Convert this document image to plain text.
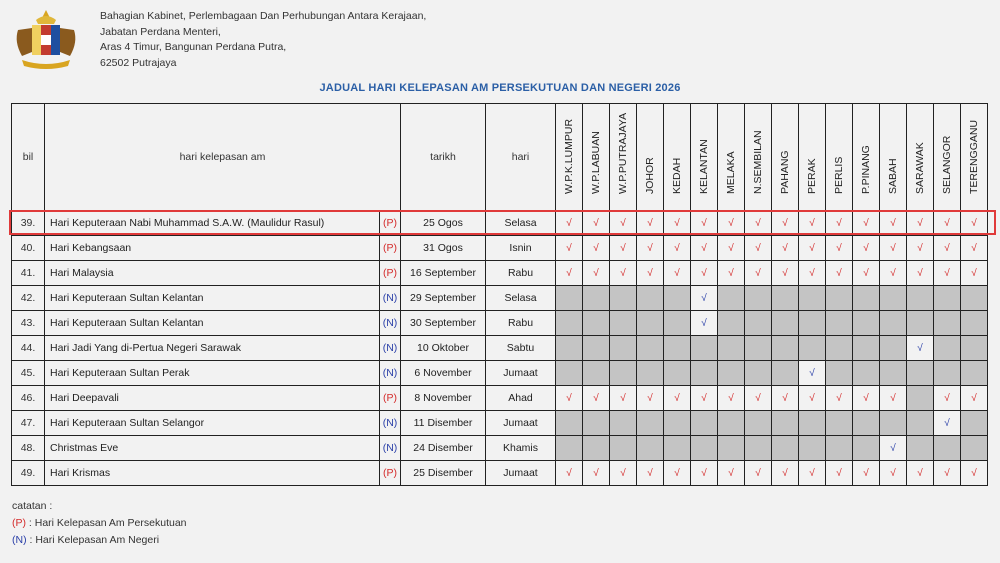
Bahagian Kabinet, Perlembagaan Dan Perhubungan Antara Kerajaan,
Jabatan Perdana Menteri,
Aras 4 Timur, Bangunan Perdana Putra,
62502 Putrajaya
JADUAL HARI KELEPASAN AM PERSEKUTUAN DAN NEGERI 2026
bil	hari kelepasan am		tarikh	hari	W.P.K.LUMPUR	W.P.LABUAN	W.P.PUTRAJAYA	JOHOR	KEDAH	KELANTAN	MELAKA	N.SEMBILAN	PAHANG	PERAK	PERLIS	P.PINANG	SABAH	SARAWAK	SELANGOR	TERENGGANU

39.	Hari Keputeraan Nabi Muhammad S.A.W. (Maulidur Rasul)	(P)	25 Ogos	Selasa	√	√	√	√	√	√	√	√	√	√	√	√	√	√	√	√
40.	Hari Kebangsaan	(P)	31 Ogos	Isnin	√	√	√	√	√	√	√	√	√	√	√	√	√	√	√	√
41.	Hari Malaysia	(P)	16 September	Rabu	√	√	√	√	√	√	√	√	√	√	√	√	√	√	√	√
42.	Hari Keputeraan Sultan Kelantan	(N)	29 September	Selasa						√										
43.	Hari Keputeraan Sultan Kelantan	(N)	30 September	Rabu						√										
44.	Hari Jadi Yang di-Pertua Negeri Sarawak	(N)	10 Oktober	Sabtu														√		
45.	Hari Keputeraan Sultan Perak	(N)	6 November	Jumaat										√						
46.	Hari Deepavali	(P)	8 November	Ahad	√	√	√	√	√	√	√	√	√	√	√	√	√		√	√
47.	Hari Keputeraan Sultan Selangor	(N)	11 Disember	Jumaat															√	
48.	Christmas Eve	(N)	24 Disember	Khamis													√			
49.	Hari Krismas	(P)	25 Disember	Jumaat	√	√	√	√	√	√	√	√	√	√	√	√	√	√	√	√
catatan :
(P) : Hari Kelepasan Am Persekutuan
(N) : Hari Kelepasan Am Negeri
